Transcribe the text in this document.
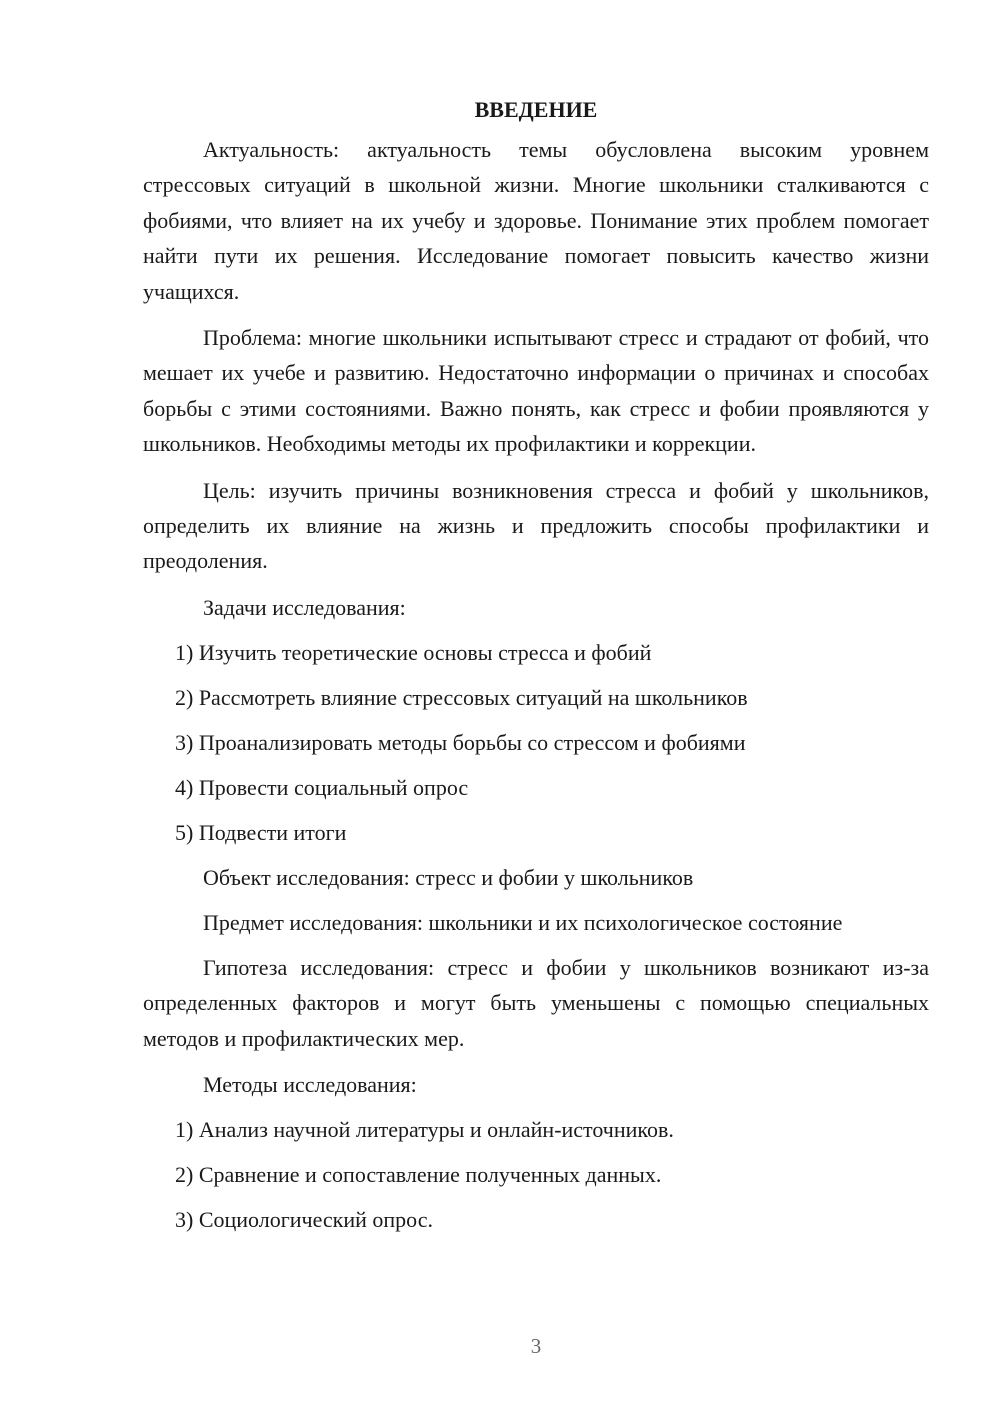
ВВЕДЕНИЕ

Актуальность: актуальность темы обусловлена высоким уровнем стрессовых ситуаций в школьной жизни. Многие школьники сталкиваются с фобиями, что влияет на их учебу и здоровье. Понимание этих проблем помогает найти пути их решения. Исследование помогает повысить качество жизни учащихся.

Проблема: многие школьники испытывают стресс и страдают от фобий, что мешает их учебе и развитию. Недостаточно информации о причинах и способах борьбы с этими состояниями. Важно понять, как стресс и фобии проявляются у школьников. Необходимы методы их профилактики и коррекции.

Цель: изучить причины возникновения стресса и фобий у школьников, определить их влияние на жизнь и предложить способы профилактики и преодоления.

Задачи исследования:
1) Изучить теоретические основы стресса и фобий
2) Рассмотреть влияние стрессовых ситуаций на школьников
3) Проанализировать методы борьбы со стрессом и фобиями
4) Провести социальный опрос
5) Подвести итоги
Объект исследования: стресс и фобии у школьников
Предмет исследования: школьники и их психологическое состояние

Гипотеза исследования: стресс и фобии у школьников возникают из-за определенных факторов и могут быть уменьшены с помощью специальных методов и профилактических мер.

Методы исследования:
1) Анализ научной литературы и онлайн-источников.
2) Сравнение и сопоставление полученных данных.
3) Социологический опрос.
3
